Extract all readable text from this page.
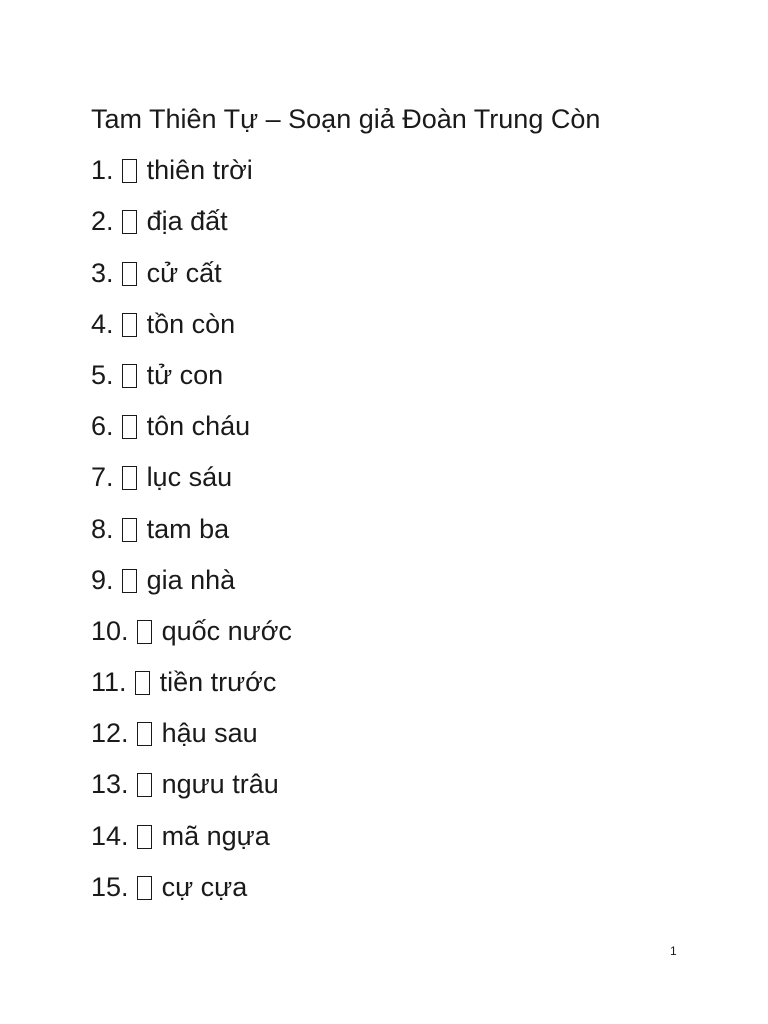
Tam Thiên Tự – Soạn giả Đoàn Trung Còn
1. thiên trời
2. địa đất
3. cử cất
4. tồn còn
5. tử con
6. tôn cháu
7. lục sáu
8. tam ba
9. gia nhà
10. quốc nước
11. tiền trước
12. hậu sau
13. ngưu trâu
14. mã ngựa
15. cự cựa
1
